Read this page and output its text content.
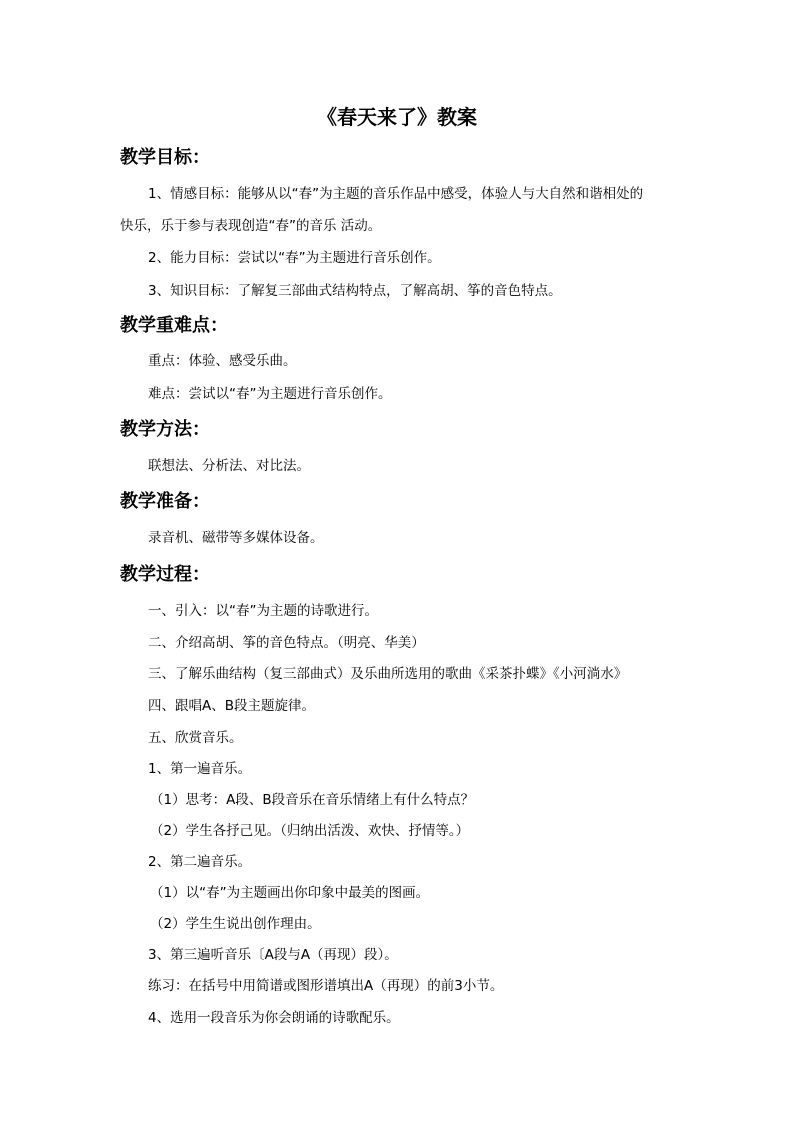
《春天来了》教案
教学目标：
1、情感目标：能够从以“春”为主题的音乐作品中感受，体验人与大自然和谐相处的
快乐，乐于参与表现创造“春”的音乐 活动。
2、能力目标：尝试以“春”为主题进行音乐创作。
3、知识目标：了解复三部曲式结构特点，了解高胡、筝的音色特点。
教学重难点：
重点：体验、感受乐曲。
难点：尝试以“春”为主题进行音乐创作。
教学方法：
联想法、分析法、对比法。
教学准备：
录音机、磁带等多媒体设备。
教学过程：
一、引入：以“春”为主题的诗歌进行。
二、介绍高胡、筝的音色特点。（明亮、华美）
三、了解乐曲结构（复三部曲式）及乐曲所选用的歌曲《采茶扑蝶》《小河淌水》
四、跟唱A、B段主题旋律。
五、欣赏音乐。
1、第一遍音乐。
（1）思考：A段、B段音乐在音乐情绪上有什么特点？
（2）学生各抒己见。（归纳出活泼、欢快、抒情等。）
2、第二遍音乐。
（1）以“春”为主题画出你印象中最美的图画。
（2）学生生说出创作理由。
3、第三遍听音乐〔A段与A（再现）段）。
练习：在括号中用简谱或图形谱填出A（再现）的前3小节。
4、选用一段音乐为你会朗诵的诗歌配乐。
